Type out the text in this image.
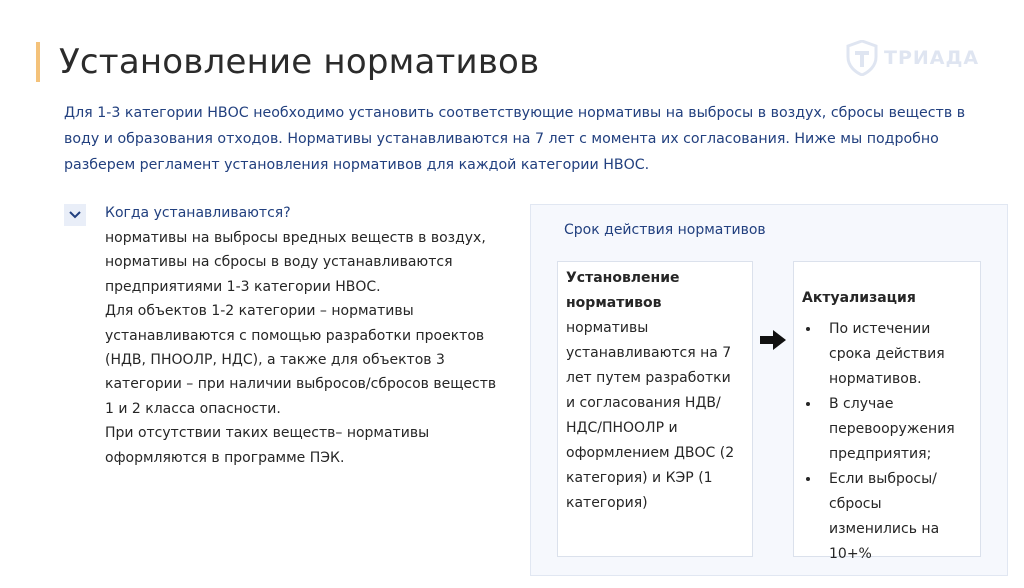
Установление нормативов	ТРИАДА
Для 1-3 категории НВОС необходимо установить соответствующие нормативы на выбросы в воздух, сбросы веществ в воду и образования отходов. Нормативы устанавливаются на 7 лет с момента их согласования. Ниже мы подробно разберем регламент установления нормативов для каждой категории НВОС.
Когда устанавливаются?

нормативы на выбросы вредных веществ в воздух, нормативы на сбросы в воду устанавливаются предприятиями 1-3 категории НВОС.

Для объектов 1-2 категории – нормативы устанавливаются с помощью разработки проектов (НДВ, ПНООЛР, НДС), а также для объектов 3 категории – при наличии выбросов/сбросов веществ 1 и 2 класса опасности.

При отсутствии таких веществ– нормативы оформляются в программе ПЭК.

Срок действия нормативов
Установление нормативов
нормативы устанавливаются на 7 лет путем разработки и согласования НДВ/НДС/ПНООЛР и оформлением ДВОС (2 категория) и КЭР (1 категория)
Актуализация
• По истечении срока действия нормативов.
• В случае перевооружения предприятия;
• Если выбросы/сбросы изменились на 10+%
